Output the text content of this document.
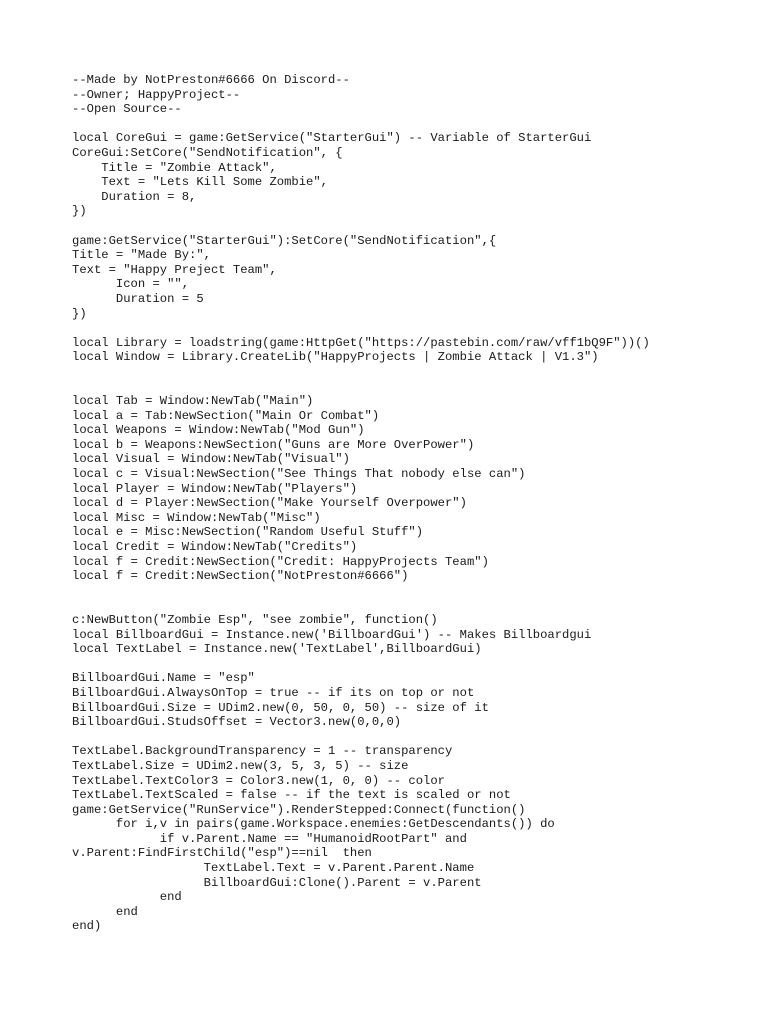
--Made by NotPreston#6666 On Discord--
--Owner; HappyProject--
--Open Source--
local CoreGui = game:GetService("StarterGui") -- Variable of StarterGui
CoreGui:SetCore("SendNotification", {
Title = "Zombie Attack",
Text = "Lets Kill Some Zombie",
Duration = 8,
})
game:GetService("StarterGui"):SetCore("SendNotification",{
Title = "Made By:",
Text = "Happy Preject Team",
Icon = "",
Duration = 5
})
local Library = loadstring(game:HttpGet("https://pastebin.com/raw/vff1bQ9F"))()
local Window = Library.CreateLib("HappyProjects | Zombie Attack | V1.3")
local Tab = Window:NewTab("Main")
local a = Tab:NewSection("Main Or Combat")
local Weapons = Window:NewTab("Mod Gun")
local b = Weapons:NewSection("Guns are More OverPower")
local Visual = Window:NewTab("Visual")
local c = Visual:NewSection("See Things That nobody else can")
local Player = Window:NewTab("Players")
local d = Player:NewSection("Make Yourself Overpower")
local Misc = Window:NewTab("Misc")
local e = Misc:NewSection("Random Useful Stuff")
local Credit = Window:NewTab("Credits")
local f = Credit:NewSection("Credit: HappyProjects Team")
local f = Credit:NewSection("NotPreston#6666")
c:NewButton("Zombie Esp", "see zombie", function()
local BillboardGui = Instance.new('BillboardGui') -- Makes Billboardgui
local TextLabel = Instance.new('TextLabel',BillboardGui)
BillboardGui.Name = "esp"
BillboardGui.AlwaysOnTop = true -- if its on top or not
BillboardGui.Size = UDim2.new(0, 50, 0, 50) -- size of it
BillboardGui.StudsOffset = Vector3.new(0,0,0)
TextLabel.BackgroundTransparency = 1 -- transparency
TextLabel.Size = UDim2.new(3, 5, 3, 5) -- size
TextLabel.TextColor3 = Color3.new(1, 0, 0) -- color
TextLabel.TextScaled = false -- if the text is scaled or not
game:GetService("RunService").RenderStepped:Connect(function()
for i,v in pairs(game.Workspace.enemies:GetDescendants()) do
if v.Parent.Name == "HumanoidRootPart" and
v.Parent:FindFirstChild("esp")==nil  then
TextLabel.Text = v.Parent.Parent.Name
BillboardGui:Clone().Parent = v.Parent
end
end
end)
